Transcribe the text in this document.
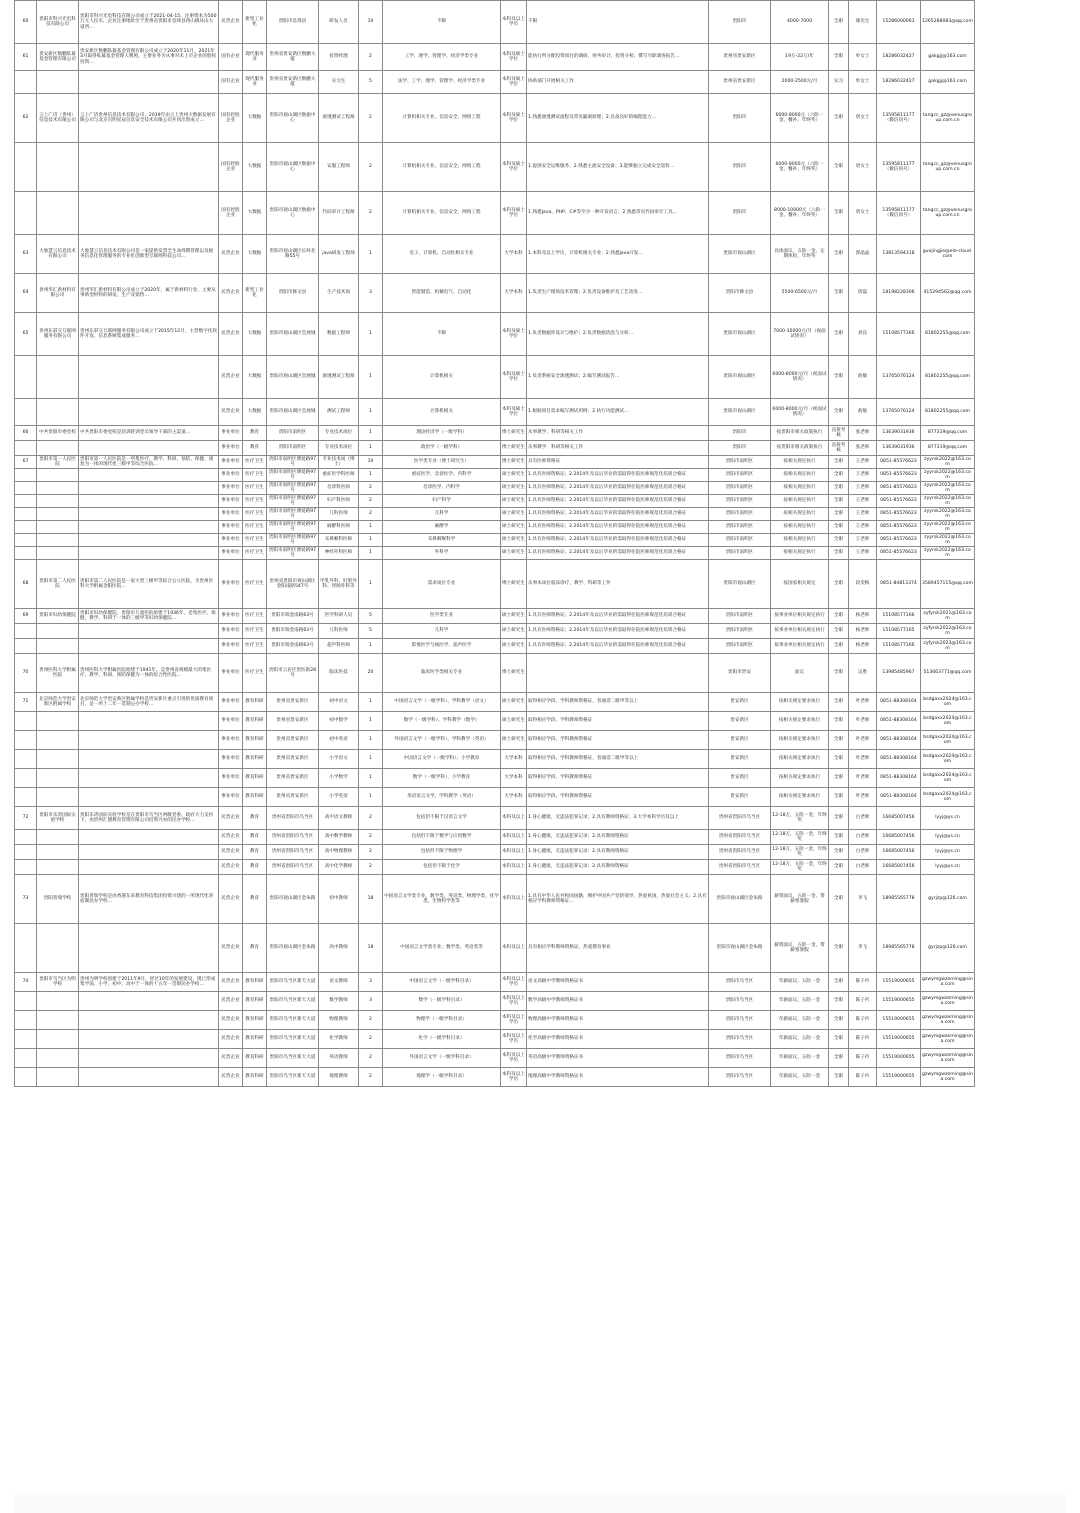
60	贵阳市科兴光电科技有限公司	贵阳市科兴光电科技有限公司成立于2021-04-15，注册资本为500万元人民币，企业注册地址位于贵州省贵阳市息烽县西山镇环山大道西…	民营企业	新型工业化	贵阳市息烽县	研发人员	10	不限	本科及以上学历	不限	贵阳市	4000-7000	全职	颜先生	15286000063	1265288083@qq.com
61	贵安新区数鹏私募基金管理有限公司	贵安新区数鹏私募基金管理有限公司成立于2020年11月，2021年3月取得私募基金管理人牌照，主要业务为从事对未上市企业的股权投资…	国有企业	现代服务业	贵州省贵安新区数鹏大厦	投资经理	2	工学、理学、管理学、经济学类专业	本科及硕士学位	能执行所分配投资项目的调研、财务审计、投资分析；撰写尽职调查报告…	贵州省贵安新区	19万-22万/年	全职	牟女士	18286032427	gakgjj@163.com
			国有企业	现代服务业	贵州省贵安新区数鹏大厦	实习生	5	法学、工学、理学、管理学、经济学类专业	本科及硕士学位	协助部门开展相关工作	贵州省贵安新区	2000-2500元/月	实习	牟女士	18286032427	gakgjj@163.com
62	云上广济（贵州）信息技术有限公司	云上广济贵州信息技术有限公司，2019年由云上贵州大数据发展有限公司与北京启明星辰信息安全技术有限公司共同出资成立…	国有控股企业	大数据	贵阳市观山湖区数据中心	渗透测试工程师	2	计算机相关专业、信息安全、网络工程	本科及硕士学位	1.熟悉渗透测试流程及常见漏洞原理；2.具备良好的编程能力…	贵阳市	6000-8000元（六险一金、餐补、年终奖）	全职	唐女士	13595811177（微信同号）	tangcc_gz@venusgroup.com.cn
			国有控股企业	大数据	贵阳市观山湖区数据中心	安服工程师	2	计算机相关专业、信息安全、网络工程	本科及硕士学位	1.提供安全运维服务；2.熟悉主流安全设备；3.能够独立完成安全巡检…	贵阳市	6000-8000元（六险一金、餐补、年终奖）	全职	唐女士	13595811177（微信同号）	tangcc_gz@venusgroup.com.cn
			国有控股企业	大数据	贵阳市观山湖区数据中心	代码审计工程师	2	计算机相关专业、信息安全、网络工程	本科及硕士学位	1.熟悉Java、PHP、C#等至少一种开发语言；2.熟悉常见代码审计工具…	贵阳市	8000-10000元（六险一金、餐补、年终奖）	全职	唐女士	13595811177（微信同号）	tangcc_gz@venusgroup.com.cn
63	大象慧云信息技术有限公司	大象慧云信息技术有限公司是一家提供发票全生命周期管理以及税务信息化管理服务的专业化创新型互联网科技公司…	民营企业	大数据	贵阳市观山湖区长岭北路55号	java研发工程师	1	电子、计算机、自动化相关专业	大学本科	1.本科及以上学历，计算机相关专业；2.熟悉Java开发…	贵阳市观山湖区	具体面议，五险一金，定期体检，年终奖	全职	郭晶晶	13813594318	guojingjie@ele-cloud.com
64	贵州华汇新材料有限公司	贵州华汇新材料有限公司成立于2020年，属于新材料行业，主要从事新型材料的研发、生产及销售…	民营企业	新型工业化	贵阳市修文县	生产技术岗	3	智能制造、机械电气、自动化	大学本科	1.负责生产现场技术管理；2.负责设备维护及工艺改进…	贵阳市修文县	5500-6500元/月	全职	唐磊	18198228306	415294562@qq.com
65	贵州东彩交互联网服务有限公司	贵州东彩交互联网服务有限公司成立于2015年12月，主营数字化软件开发、信息系统集成服务…	民营企业	大数据	贵阳市观山湖区会展城	数据工程师	1	不限	本科及硕士学位	1.负责数据库设计与维护；2.负责数据清洗与分析…	贵阳市观山湖区	7000-10000元/月（视面试情况）	全职	刘良	15108577366	81802255@qq.com
			民营企业	大数据	贵阳市观山湖区会展城	渗透测试工程师	1	计算机相关	本科及硕士学位	1.负责系统安全渗透测试；2.编写测试报告…	贵阳市观山湖区	6000-8000元/月（视面试情况）	全职	俞敏	13765076124	81802255@qq.com
			民营企业	大数据	贵阳市观山湖区会展城	测试工程师	1	计算机相关	本科及硕士学位	1.根据项目需求编写测试用例；2.执行功能测试…	贵阳市观山湖区	6000-8000元/月（视面试情况）	全职	俞敏	13765076124	81802255@qq.com
66	中共贵阳市委党校	中共贵阳市委党校是培训轮训党员领导干部的主渠道…	事业单位	教育	贵阳市南明区	专业技术岗位	1	理论经济学（一级学科）	博士研究生	从事教学、科研等相关工作	贵阳市	按贵阳市相关政策执行	直接考核	张老师	13639031936	877319@qq.com
			事业单位	教育	贵阳市南明区	专业技术岗位	1	政治学（一级学科）	博士研究生	从事教学、科研等相关工作	贵阳市	按贵阳市相关政策执行	直接考核	张老师	13639031936	877319@qq.com
67	贵阳市第一人民医院	贵阳市第一人民医院是一所集医疗、教学、科研、预防、保健、康复为一体的现代化三级甲等综合医院…	事业单位	医疗卫生	贵阳市南明区博爱路97号	专业技术岗（博士）	10	医学类专业（博士研究生）	博士研究生	具有医师资格证	贵阳市南明区	按相关规定执行	全职	王老师	0851-85576623	zyyrsk2022@163.com
			事业单位	医疗卫生	贵阳市南明区博爱路97号	重症医学科医师	1	重症医学、急诊医学、内科学	硕士研究生	1.具有医师资格证；2.2014年及以后毕业的需取得住院医师规范化培训合格证	贵阳市南明区	按相关规定执行	全职	王老师	0851-85576623	zyyrsk2022@163.com
			事业单位	医疗卫生	贵阳市南明区博爱路97号	急诊科医师	2	急诊医学、内科学	硕士研究生	1.具有医师资格证；2.2014年及以后毕业的需取得住院医师规范化培训合格证	贵阳市南明区	按相关规定执行	全职	王老师	0851-85576623	zyyrsk2022@163.com
			事业单位	医疗卫生	贵阳市南明区博爱路97号	妇产科医师	2	妇产科学	硕士研究生	1.具有医师资格证；2.2014年及以后毕业的需取得住院医师规范化培训合格证	贵阳市南明区	按相关规定执行	全职	王老师	0851-85576623	zyyrsk2022@163.com
			事业单位	医疗卫生	贵阳市南明区博爱路97号	儿科医师	2	儿科学	硕士研究生	1.具有医师资格证；2.2014年及以后毕业的需取得住院医师规范化培训合格证	贵阳市南明区	按相关规定执行	全职	王老师	0851-85576623	zyyrsk2022@163.com
			事业单位	医疗卫生	贵阳市南明区博爱路97号	麻醉科医师	1	麻醉学	硕士研究生	1.具有医师资格证；2.2014年及以后毕业的需取得住院医师规范化培训合格证	贵阳市南明区	按相关规定执行	全职	王老师	0851-85576623	zyyrsk2022@163.com
			事业单位	医疗卫生	贵阳市南明区博爱路97号	耳鼻喉科医师	1	耳鼻咽喉科学	硕士研究生	1.具有医师资格证；2.2014年及以后毕业的需取得住院医师规范化培训合格证	贵阳市南明区	按相关规定执行	全职	王老师	0851-85576623	zyyrsk2022@163.com
			事业单位	医疗卫生	贵阳市南明区博爱路97号	神经外科医师	1	外科学	硕士研究生	1.具有医师资格证；2.2014年及以后毕业的需取得住院医师规范化培训合格证	贵阳市南明区	按相关规定执行	全职	王老师	0851-85576623	zyyrsk2022@163.com
68	贵阳市第二人民医院	贵阳市第二人民医院是一家大型三级甲等综合公立医院，为贵州医科大学附属金阳医院…	事业单位	医疗卫生	贵州省贵阳市观山湖区金阳南路547号	甲乳外科、肝胆外科、胃肠外科等	1	需求岗位专业	博士研究生	从事本岗位临床诊疗、教学、科研等工作	贵阳市观山湖区	按国家相关规定	全职	段奕梅	0851-84813374	3589457115@qq.com
69	贵阳市妇幼保健院	贵阳市妇幼保健院，贵阳市儿童医院始建于1936年，是集医疗、保健、教学、科研于一体的三级甲等妇幼保健院…	事业单位	医疗卫生	贵阳市瑞金南路63号	医学科研人员	5	医学类专业	硕士研究生	1.具有医师资格证；2.2014年及以后毕业的需取得住院医师规范化培训合格证	贵阳市南明区	按事业单位相关规定执行	全职	杨老师	15108577166	zyfyrsk2021@163.com
			事业单位	医疗卫生	贵阳市瑞金南路63号	儿科医师	5	儿科学	硕士研究生	1.具有医师资格证；2.2014年及以后毕业的需取得住院医师规范化培训合格证	贵阳市南明区	按事业单位相关规定执行	全职	杨老师	15108577165	zyfyrsk2022@163.com
			事业单位	医疗卫生	贵阳市瑞金南路63号	超声科医师	1	影像医学与核医学、超声医学	硕士研究生	1.具有医师资格证；2.2014年及以后毕业的需取得住院医师规范化培训合格证	贵阳市南明区	按事业单位相关规定执行	全职	杨老师	15108577166	zyfyrsk2023@163.com
70	贵州医科大学附属医院	贵州医科大学附属医院始建于1941年，是贵州省规模最大的集医疗、教学、科研、预防保健为一体的综合性医院…	事业单位	医疗卫生	贵阳市云岩区贵医街28号	临床医技	20	临床医学类相关专业	博士研究生		贵阳市贵安	面议	全职	吴胜	13985485967	513663771@qq.com
71	北京师范大学贵安新区附属学校	北京师范大学贵安新区附属学校是贵安新区重点引进的优质教育项目，是一所十二年一贯制公办学校…	事业单位	教育科研	贵州省贵安新区	初中语文	1	中国语言文学（一级学科）、学科教学（语文）	硕士研究生	取得相应学段、学科教师资格证，普通话二级甲等以上	贵安新区	按相关规定要求执行	全职	叶老师	0851-88308164	bsdgaxx2024@163.com
			事业单位	教育科研	贵州省贵安新区	初中数学	1	数学（一级学科）、学科教学（数学）	硕士研究生	取得相应学段、学科教师资格证	贵安新区	按相关规定要求执行	全职	叶老师	0851-88308164	bsdgaxx2024@163.com
			事业单位	教育科研	贵州省贵安新区	初中英语	1	外国语言文学（一级学科）、学科教学（英语）	硕士研究生	取得相应学段、学科教师资格证	贵安新区	按相关规定要求执行	全职	叶老师	0851-88308164	bsdgaxx2024@163.com
			事业单位	教育科研	贵州省贵安新区	小学语文	1	中国语言文学（一级学科）、小学教育	大学本科	取得相应学段、学科教师资格证，普通话二级甲等以上	贵安新区	按相关规定要求执行	全职	叶老师	0851-88308164	bsdgaxx2024@163.com
			事业单位	教育科研	贵州省贵安新区	小学数学	1	数学（一级学科）、小学教育	大学本科	取得相应学段、学科教师资格证	贵安新区	按相关规定要求执行	全职	叶老师	0851-88308164	bsdgaxx2024@163.com
			事业单位	教育科研	贵州省贵安新区	小学英语	1	英语语言文学、学科教学（英语）	大学本科	取得相应学段、学科教师资格证	贵安新区	按相关规定要求执行	全职	叶老师	0851-88308164	bsdgaxx2024@163.com
72	贵阳市乐湾国际实验学校	贵阳乐湾国际实验学校是在贵阳市乌当区两级党委、政府大力支持下，由贵州汇德教育管理有限公司投资兴办的民办学校…	民营企业	教育	贵州省贵阳市乌当区	高中语文教师	2	包括但不限于汉语言文学	本科及以上	1.身心健康，无违法犯罪记录；2.具有教师资格证；3.大学本科学历及以上	贵州省贵阳市乌当区	12-18万，五险一金，年终奖	全职	白老师	16685007456	lyyj@ys.cn
			民营企业	教育	贵州省贵阳市乌当区	高中数学教师	2	包括但不限于数学与应用数学	本科及以上	1.身心健康，无违法犯罪记录；2.具有教师资格证	贵州省贵阳市乌当区	12-18万，五险一金，年终奖	全职	白老师	16685007456	lyyj@ys.cn
			民营企业	教育	贵州省贵阳市乌当区	高中物理教师	2	包括但不限于物理学	本科及以上	1.身心健康，无违法犯罪记录；2.具有教师资格证	贵州省贵阳市乌当区	12-18万，五险一金，年终奖	全职	白老师	16685007456	lyyj@ys.cn
			民营企业	教育	贵州省贵阳市乌当区	高中化学教师	2	包括但不限于化学	本科及以上	1.身心健康，无违法犯罪记录；2.具有教师资格证	贵州省贵阳市乌当区	12-18万，五险一金，年终奖	全职	白老师	16685007456	lyyj@ys.cn
73	贵阳普瑞学校	贵阳普瑞学校是由香港东来教育科技集团投资兴建的一所现代化寄宿制民办学校…	民营企业	教育	贵阳市观山湖区金朱路	初中教师	18	中国语言文学类专业、数学类、英语类、物理学类、化学类、生物科学类等	本科及以上	1.具有中华人民共和国国籍，拥护中国共产党的领导，热爱祖国，热爱社会主义；2.具有相应学科教师资格证…	贵阳市观山湖区金朱路	薪资面议，五险一金，带薪寒暑假	全职	李飞	18985565778	gyrjzp@126.com
			民营企业	教育	贵阳市观山湖区金朱路	高中教师	18	中国语言文学类专业、数学类、英语类等	本科及以上	具有相应学科教师资格证，热爱教育事业	贵阳市观山湖区金朱路	薪资面议，五险一金，带薪寒暑假	全职	李飞	18985565778	gyrjzp@126.com
74	贵阳市乌当区为明学校	贵州为明学校创建于2011年9月，经过10年的发展建设，现已形成集学前、小学、初中、高中于一体的十五年一贯制民办学校…	民营企业	教育科研	贵阳市乌当区新天大道	语文教师	3	中国语言文学（一级学科目录）	本科及以上学历	语文高级中学教师资格证书	贵阳市乌当区	年薪面议，五险一金	全职	陈子衿	15519000655	gzwymgwzeming@sina.com
			民营企业	教育科研	贵阳市乌当区新天大道	数学教师	3	数学（一级学科目录）	本科及以上学历	数学高级中学教师资格证书	贵阳市乌当区	年薪面议，五险一金	全职	陈子衿	15519000655	gzwymgwzeming@sina.com
			民营企业	教育科研	贵阳市乌当区新天大道	物理教师	2	物理学（一级学科目录）	本科及以上学历	物理高级中学教师资格证书	贵阳市乌当区	年薪面议，五险一金	全职	陈子衿	15519000655	gzwymgwzeming@sina.com
			民营企业	教育科研	贵阳市乌当区新天大道	化学教师	2	化学（一级学科目录）	本科及以上学历	化学高级中学教师资格证书	贵阳市乌当区	年薪面议，五险一金	全职	陈子衿	15519000655	gzwymgwzeming@sina.com
			民营企业	教育科研	贵阳市乌当区新天大道	英语教师	2	外国语言文学（一级学科目录）	本科及以上学历	英语高级中学教师资格证书	贵阳市乌当区	年薪面议，五险一金	全职	陈子衿	15519000655	gzwymgwzeming@sina.com
			民营企业	教育科研	贵阳市乌当区新天大道	地理教师	2	地理学（一级学科目录）	本科及以上学历	地理高级中学教师资格证书	贵阳市乌当区	年薪面议，五险一金	全职	陈子衿	15519000655	gzwymgwzeming@sina.com
